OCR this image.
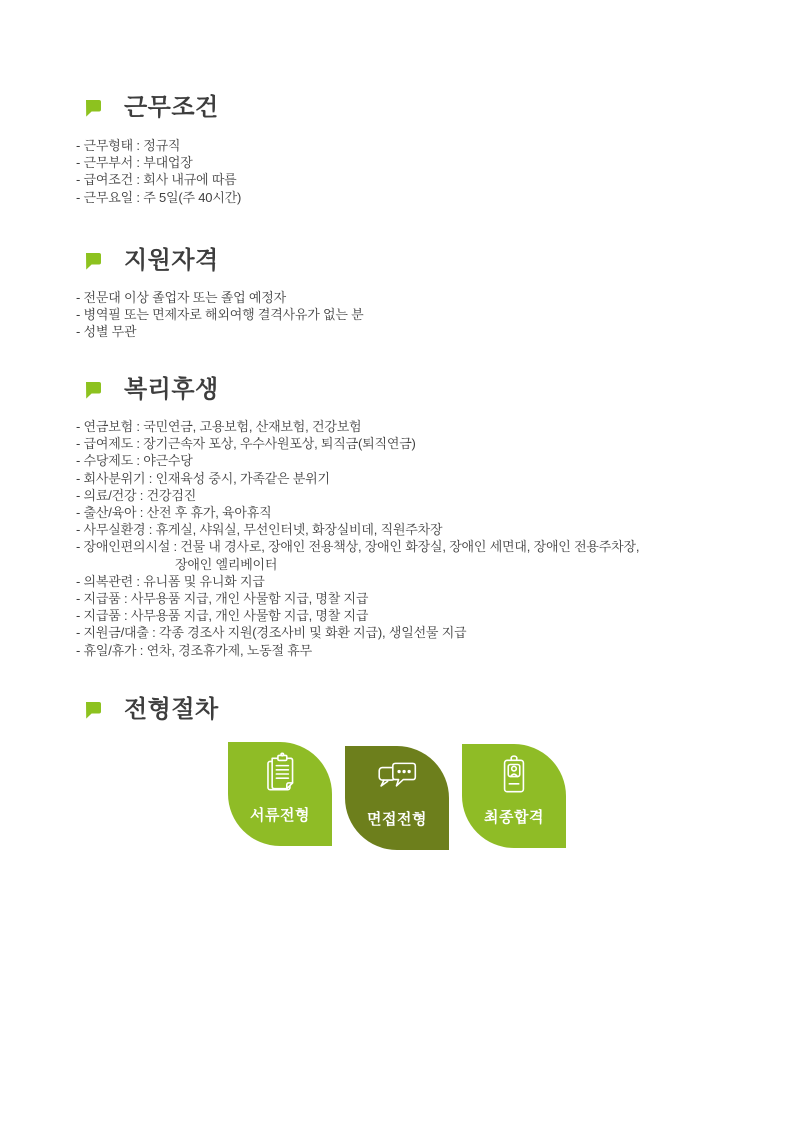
근무조건
- 근무형태 : 정규직
- 근무부서 : 부대업장
- 급여조건 : 회사 내규에 따름
- 근무요일 : 주 5일(주 40시간)
지원자격
- 전문대 이상 졸업자 또는 졸업 예정자
- 병역필 또는 면제자로 해외여행 결격사유가 없는 분
- 성별 무관
복리후생
- 연금보험 : 국민연금, 고용보험, 산재보험, 건강보험
- 급여제도 : 장기근속자 포상, 우수사원포상, 퇴직금(퇴직연금)
- 수당제도 : 야근수당
- 회사분위기 : 인재육성 중시, 가족같은 분위기
- 의료/건강 : 건강검진
- 출산/육아 : 산전 후 휴가, 육아휴직
- 사무실환경 : 휴게실, 샤워실, 무선인터넷, 화장실비데, 직원주차장
- 장애인편의시설 : 건물 내 경사로, 장애인 전용책상, 장애인 화장실, 장애인 세면대, 장애인 전용주차장,
장애인 엘리베이터
- 의복관련 : 유니폼 및 유니화 지급
- 지급품 : 사무용품 지급, 개인 사물함 지급, 명찰 지급
- 지급품 : 사무용품 지급, 개인 사물함 지급, 명찰 지급
- 지원금/대출 : 각종 경조사 지원(경조사비 및 화환 지급), 생일선물 지급
- 휴일/휴가 : 연차, 경조휴가제, 노동절 휴무
전형절차
서류전형	면접전형	최종합격
